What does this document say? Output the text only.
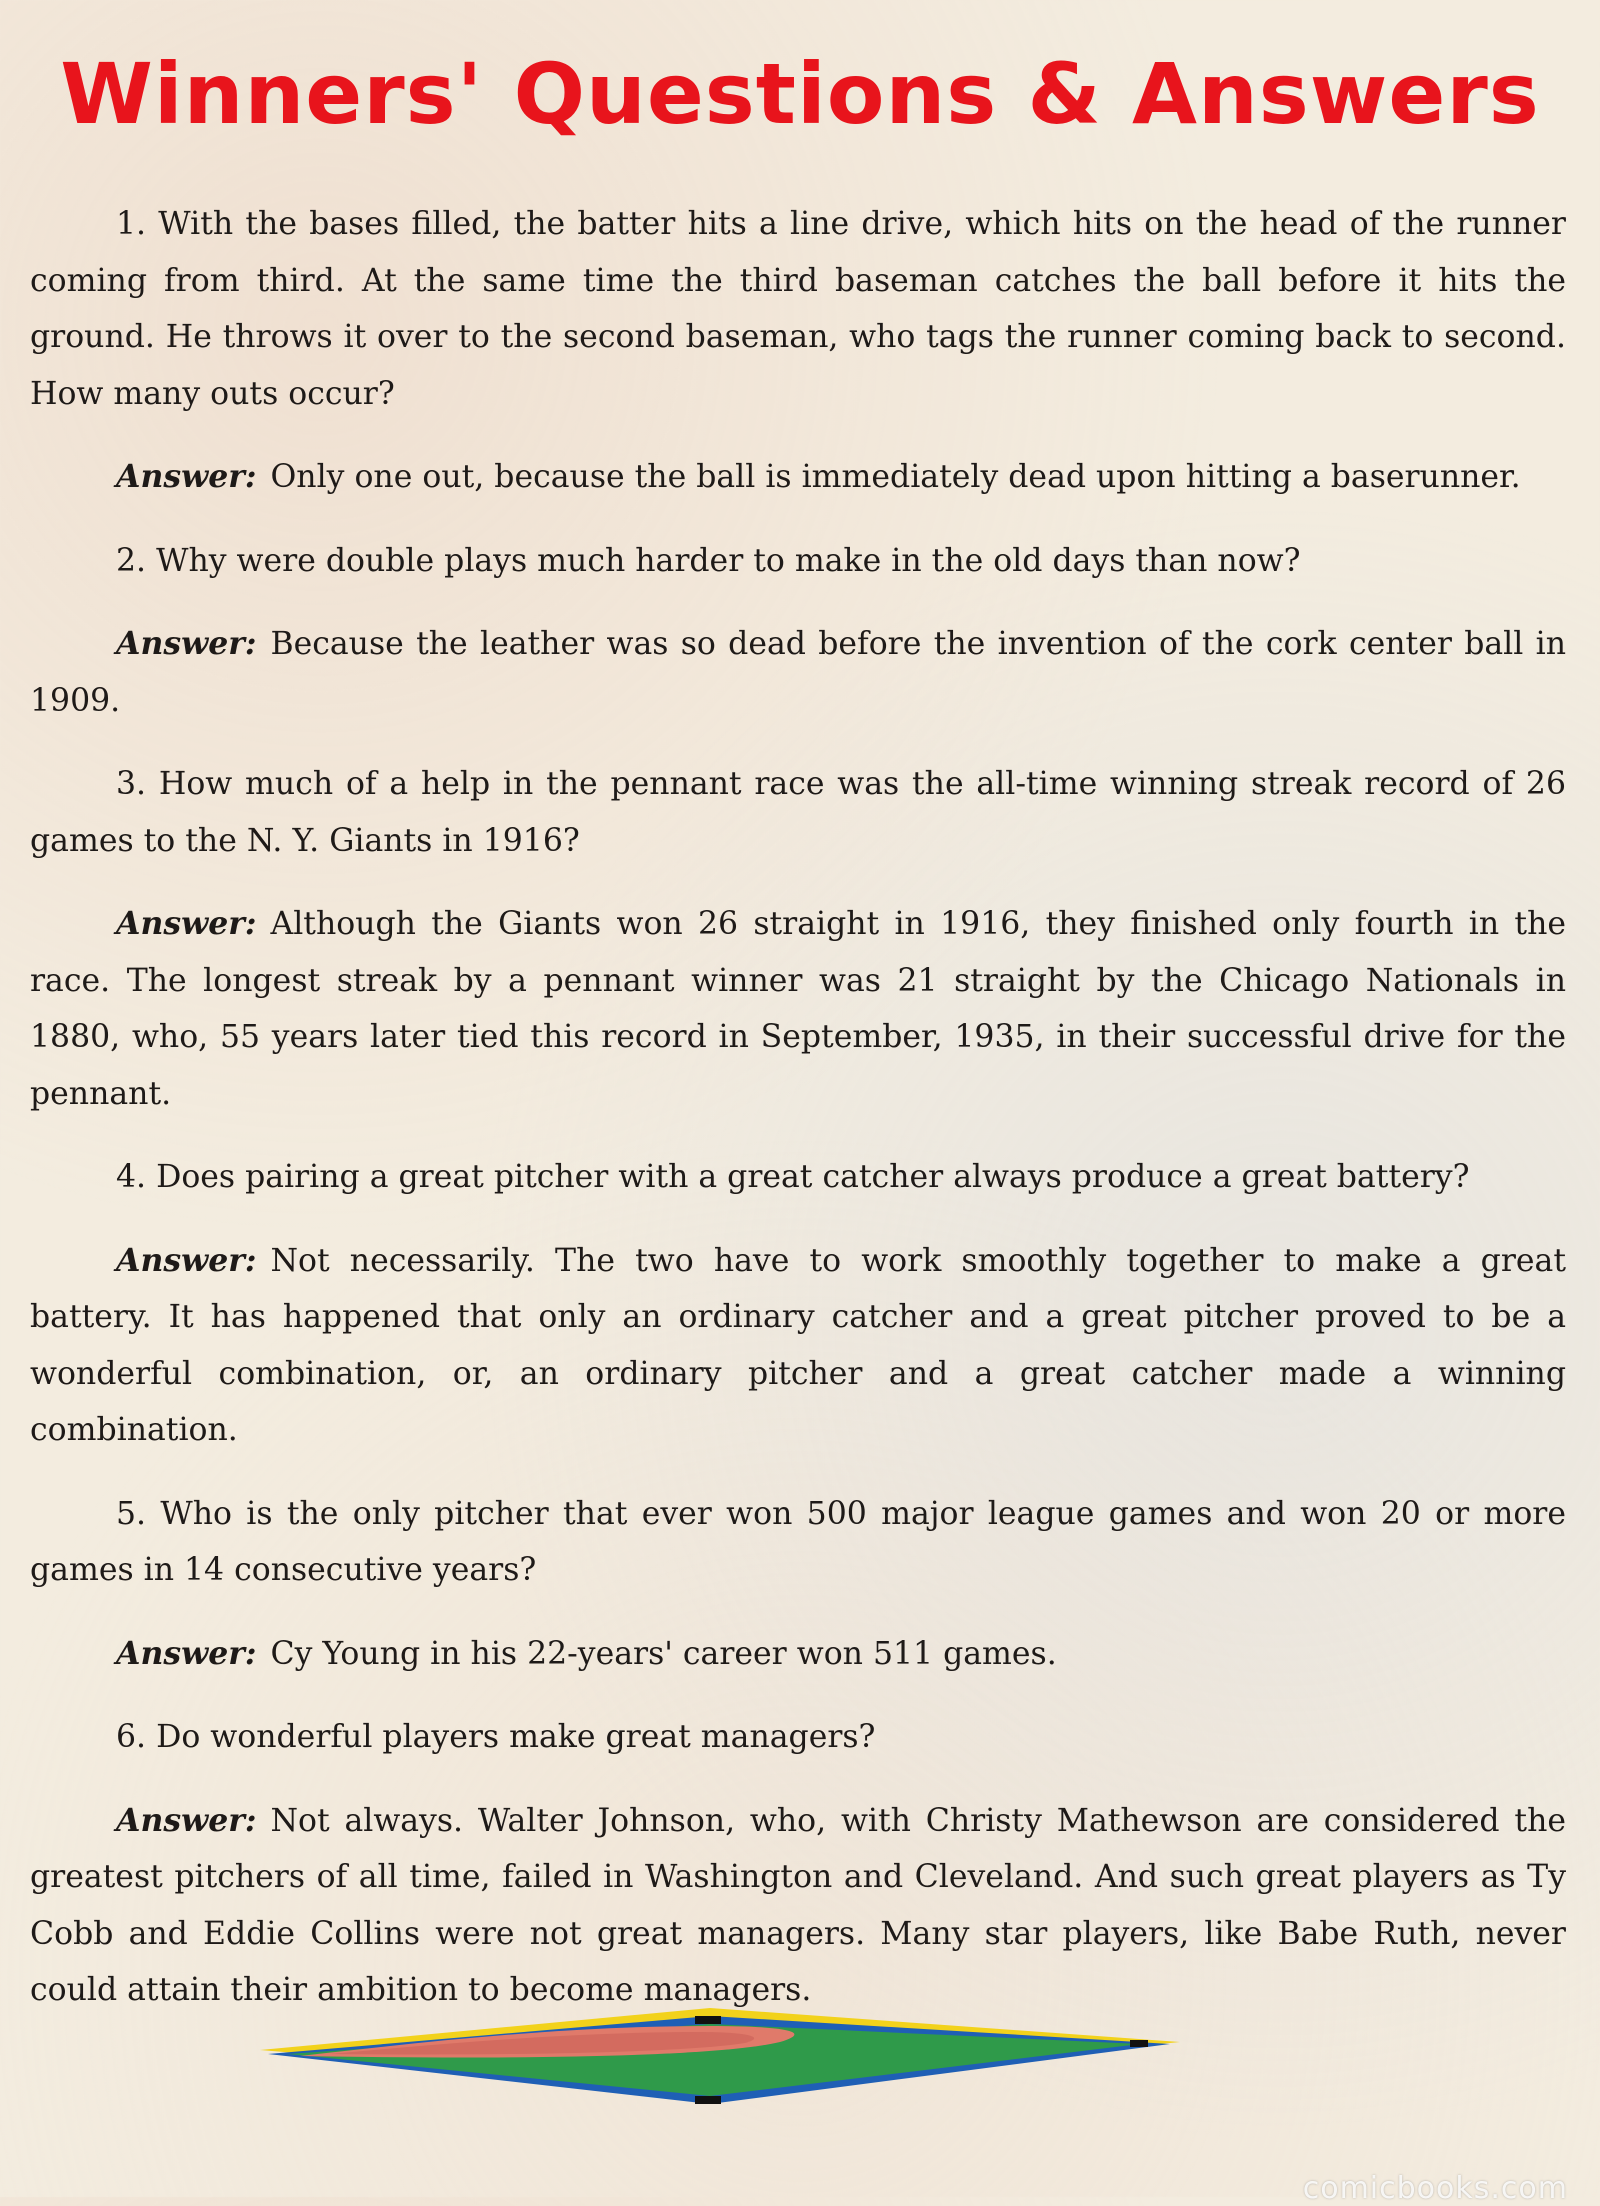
Winners' Questions & Answers

1. With the bases filled, the batter hits a line drive, which hits on the head of the runner coming from third. At the same time the third baseman catches the ball before it hits the ground. He throws it over to the second baseman, who tags the runner coming back to second. How many outs occur?

Answer: Only one out, because the ball is immediately dead upon hitting a baserunner.

2. Why were double plays much harder to make in the old days than now?

Answer: Because the leather was so dead before the invention of the cork center ball in 1909.

3. How much of a help in the pennant race was the all-time winning streak record of 26 games to the N. Y. Giants in 1916?

Answer: Although the Giants won 26 straight in 1916, they finished only fourth in the race. The longest streak by a pennant winner was 21 straight by the Chicago Nationals in 1880, who, 55 years later tied this record in September, 1935, in their successful drive for the pennant.

4. Does pairing a great pitcher with a great catcher always produce a great battery?

Answer: Not necessarily. The two have to work smoothly together to make a great battery. It has happened that only an ordinary catcher and a great pitcher proved to be a wonderful combination, or, an ordinary pitcher and a great catcher made a winning combination.

5. Who is the only pitcher that ever won 500 major league games and won 20 or more games in 14 consecutive years?

Answer: Cy Young in his 22-years' career won 511 games.

6. Do wonderful players make great managers?

Answer: Not always. Walter Johnson, who, with Christy Mathewson are considered the greatest pitchers of all time, failed in Washington and Cleveland. And such great players as Ty Cobb and Eddie Collins were not great managers. Many star players, like Babe Ruth, never could attain their ambition to become managers.

comicbooks.com
